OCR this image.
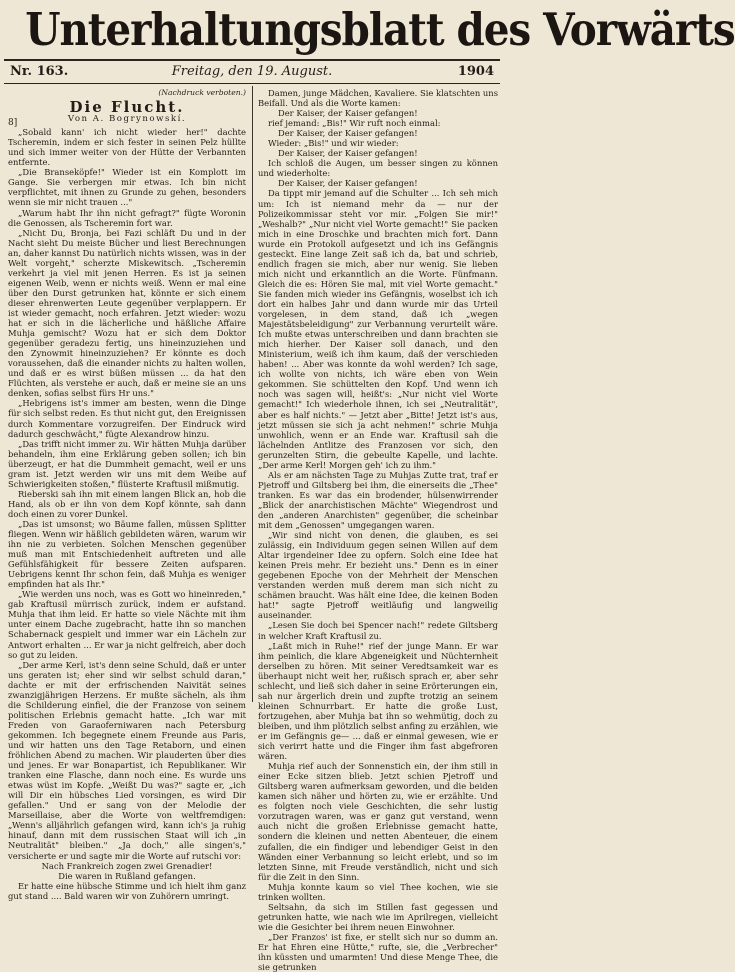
Unterhaltungsblatt des Vorwärts
Nr. 163.	Freitag, den 19. August.	1904
(Nachdruck verboten.)
8]
Die Flucht.
Von A. Bogrynowskí.

„Sobald kann' ich nicht wieder her!" dachte Tscheremin, indem er sich fester in seinen Pelz hüllte und sich immer weiter von der Hütte der Verbannten entfernte.

„Die Branseköpfe!" Wieder ist ein Komplott im Gange. Sie verbergen mir etwas. Ich bin nicht verpflichtet, mit ihnen zu Grunde zu gehen, besonders wenn sie mir nicht trauen ..."

„Warum habt Ihr ihn nicht gefragt?" fügte Woronin die Genossen, als Tscheremin fort war.

„Nicht Du, Bronja, bei Fazi schläft Du und in der Nacht sieht Du meiste Bücher und liest Berechnungen an, daher kannst Du natürlich nichts wissen, was in der Welt vorgeht," scherzte Miskewitsch. „Tscheremin verkehrt ja viel mit jenen Herren. Es ist ja seinen eigenen Weib, wenn er nichts weiß. Wenn er mal eine über den Durst getrunken hat, könnte er sich einem dieser ehrenwerten Leute gegenüber verplappern. Er ist wieder gemacht, noch erfahren. Jetzt wieder: wozu hat er sich in die lächerliche und häßliche Affaire Muhja gemischt? Wozu hat er sich dem Doktor gegenüber geradezu fertig, uns hineinzuziehen und den Zynowmit hineinzuziehen? Er könnte es doch voraussehen, daß die einander nichts zu halten wollen, und daß er es wirst büßen müssen ... da hat den Flüchten, als verstehe er auch, daß er meine sie an uns denken, sofias selbst fürs Hr uns."

„Hebrigens ist's immer am besten, wenn die Dinge für sich selbst reden. Es thut nicht gut, den Ereignissen durch Kommentare vorzugreifen. Der Eindruck wird dadurch geschwächt," fügte Alexandrow hinzu.

„Das trifft nicht immer zu. Wir hätten Muhja darüber behandeln, ihm eine Erklärung geben sollen; ich bin überzeugt, er hat die Dummheit gemacht, weil er uns gram ist. Jetzt werden wir uns mit dem Weibe auf Schwierigkeiten stoßen," flüsterte Kraftusil mißmutig.

Rieberski sah ihn mit einem langen Blick an, hob die Hand, als ob er ihn von dem Kopf könnte, sah dann doch einen zu vorer Dunkel.

„Das ist umsonst; wo Bäume fallen, müssen Splitter fliegen. Wenn wir häßlich gebildeten wären, warum wir ihn nie zu verbieten. Solchen Menschen gegenüber muß man mit Entschiedenheit auftreten und alle Gefühlsfähigkeit für bessere Zeiten aufsparen. Uebrigens kennt Ihr schon fein, daß Muhja es weniger empfinden hat als Ihr."

„Wie werden uns noch, was es Gott wo hineinreden," gab Kraftusil mürrisch zurück, indem er aufstand. Muhja that ihm leid. Er hatte so viele Nächte mit ihm unter einem Dache zugebracht, hatte ihn so manchen Schabernack gespielt und immer war ein Lächeln zur Antwort erhalten ... Er war ja nicht gelfreich, aber doch so gut zu leiden.

„Der arme Kerl, ist's denn seine Schuld, daß er unter uns geraten ist; eher sind wir selbst schuld daran," dachte er mit der erfrischenden Naivität seines zwanzigjährigen Herzens. Er mußte sächeln, als ihm die Schilderung einfiel, die der Franzose von seinem politischen Erlebnis gemacht hatte. „Ich war mit Freden von Garaoferniwaren nach Petersburg gekommen. Ich begegnete einem Freunde aus Paris, und wir hatten uns den Tage Retaborn, und einen fröhlichen Abend zu machen. Wir plauderten über dies und jenes. Er war Bonapartist, ich Republikaner. Wir tranken eine Flasche, dann noch eine. Es wurde uns etwas wüst im Kopfe. „Weißt Du was?" sagte er, „ich will Dir ein hübsches Lied vorsingen, es wird Dir gefallen." Und er sang von der Melodie der Marseillaise, aber die Worte von weltfremdigen: „Wenn's alljährlich gefangen wird, kann ich's ja ruhig hinauf, dann mit dem russischen Staat will ich „in Neutralität" bleiben." „Ja doch," alle singen's," versicherte er und sagte mir die Worte auf rutschi vor:

Nach Frankreich zogen zwei Grenadier!

Die waren in Rußland gefangen.

Er hatte eine hübsche Stimme und ich hielt ihm ganz gut stand .... Bald waren wir von Zuhörern umringt.

Damen, junge Mädchen, Kavaliere. Sie klatschten uns Beifall. Und als die Worte kamen:

Der Kaiser, der Kaiser gefangen!

rief jemand: „Bis!" Wir ruft noch einmal:

Der Kaiser, der Kaiser gefangen!

Wieder: „Bis!" und wir wieder:

Der Kaiser, der Kaiser gefangen!

Ich schloß die Augen, um besser singen zu können und wiederholte:

Der Kaiser, der Kaiser gefangen!

Da tippt mir jemand auf die Schulter ... Ich seh mich um: Ich ist niemand mehr da — nur der Polizeikommissar steht vor mir. „Folgen Sie mir!" „Weshalb?" „Nur nicht viel Worte gemacht!" Sie packen mich in eine Droschke und brachten mich fort. Dann wurde ein Protokoll aufgesetzt und ich ins Gefängnis gesteckt. Eine lange Zeit saß ich da, bat und schrieb, endlich fragen sie mich, aber nur wenig. Sie lieben mich nicht und erkanntlich an die Worte. Fünfmann. Gleich die es: Hören Sie mal, mit viel Worte gemacht." Sie fanden mich wieder ins Gefängnis, woselbst ich ich dort ein halbes Jahr und dann wurde mir das Urteil vorgelesen, in dem stand, daß ich „wegen Majestätsbeleidigung" zur Verbannung verurteilt wäre. Ich mußte etwas unterschreiben und dann brachten sie mich hierher. Der Kaiser soll danach, und den Ministerium, weiß ich ihm kaum, daß der verschieden haben! ... Aber was konnte da wohl werden? Ich sage, ich wollte von nichts, ich wäre eben von Wein gekommen. Sie schüttelten den Kopf. Und wenn ich noch was sagen will, heißt's: „Nur nicht viel Worte gemacht!" Ich wiederhole ihnen, ich sei „Neutralität", aber es half nichts." — Jetzt aber „Bitte! Jetzt ist's aus, jetzt müssen sie sich ja acht nehmen!" schrie Muhja unwohlich, wenn er an Ende war. Kraftusil sah die lächelnden Antlitze des Franzosen vor sich, den gerunzelten Stirn, die gebeulte Kapelle, und lachte. „Der arme Kerl! Morgen geh' ich zu ihm."

Als er am nächsten Tage zu Muhjas Zutte trat, traf er Pjetroff und Giltsberg bei ihm, die einerseits die „Thee" tranken. Es war das ein brodender, hülsenwirrender „Blick der anarchistischen Mächte" Wiegendrost und den „anderen Anarchisten" gegenüber, die scheinbar mit dem „Genossen" umgegangen waren.

„Wir sind nicht von denen, die glauben, es sei zulässig, ein Individuum gegen seinen Willen auf dem Altar irgendeiner Idee zu opfern. Solch eine Idee hat keinen Preis mehr. Er bezieht uns." Denn es in einer gegebenen Epoche von der Mehrheit der Menschen verstanden werden muß derem man sich nicht zu schämen braucht. Was hält eine Idee, die keinen Boden hat!" sagte Pjetroff weitläufig und langweilig auseinander.

„Lesen Sie doch bei Spencer nach!" redete Giltsberg in welcher Kraft Kraftusil zu.

„Laßt mich in Ruhe!" rief der junge Mann. Er war ihm peinlich, die klare Abgeneigkeit und Nüchternheit derselben zu hören. Mit seiner Veredtsamkeit war es überhaupt nicht weit her, rußisch sprach er, aber sehr schlecht, und ließ sich daher in seine Erörterungen ein, sah nur ärgerlich drein und zupfte trotzig an seinem kleinen Schnurrbart. Er hatte die große Lust, fortzugehen, aber Muhja bat ihn so wehmütig, doch zu bleiben, und ihm plötzlich selbst anfing zu erzählen, wie er im Gefängnis ge— ... daß er einmal gewesen, wie er sich verirrt hatte und die Finger ihm fast abgefroren wären.

Muhja rief auch der Sonnenstich ein, der ihm still in einer Ecke sitzen blieb. Jetzt schien Pjetroff und Giltsberg waren aufmerksam geworden, und die beiden kamen sich näher und hörten zu, wie er erzählte. Und es folgten noch viele Geschichten, die sehr lustig vorzutragen waren, was er ganz gut verstand, wenn auch nicht die großen Erlebnisse gemacht hatte, sondern die kleinen und netten Abenteuer, die einem zufallen, die ein findiger und lebendiger Geist in den Wänden einer Verbannung so leicht erlebt, und so im letzten Sinne, mit Freude verständlich, nicht und sich für die Zeit in den Sinn.

Muhja konnte kaum so viel Thee kochen, wie sie trinken wollten.

Seltsahn, da sich im Stillen fast gegessen und getrunken hatte, wie nach wie im Aprilregen, vielleicht wie die Gesichter bei ihrem neuen Einwohner.

„Der Franzos' ist fixe, er stellt sich nur so dumm an. Er hat Ehren eine Hütte," rufte, sie, die „Verbrecher" ihn küssten und umarmten! Und diese Menge Thee, die sie getrunken
